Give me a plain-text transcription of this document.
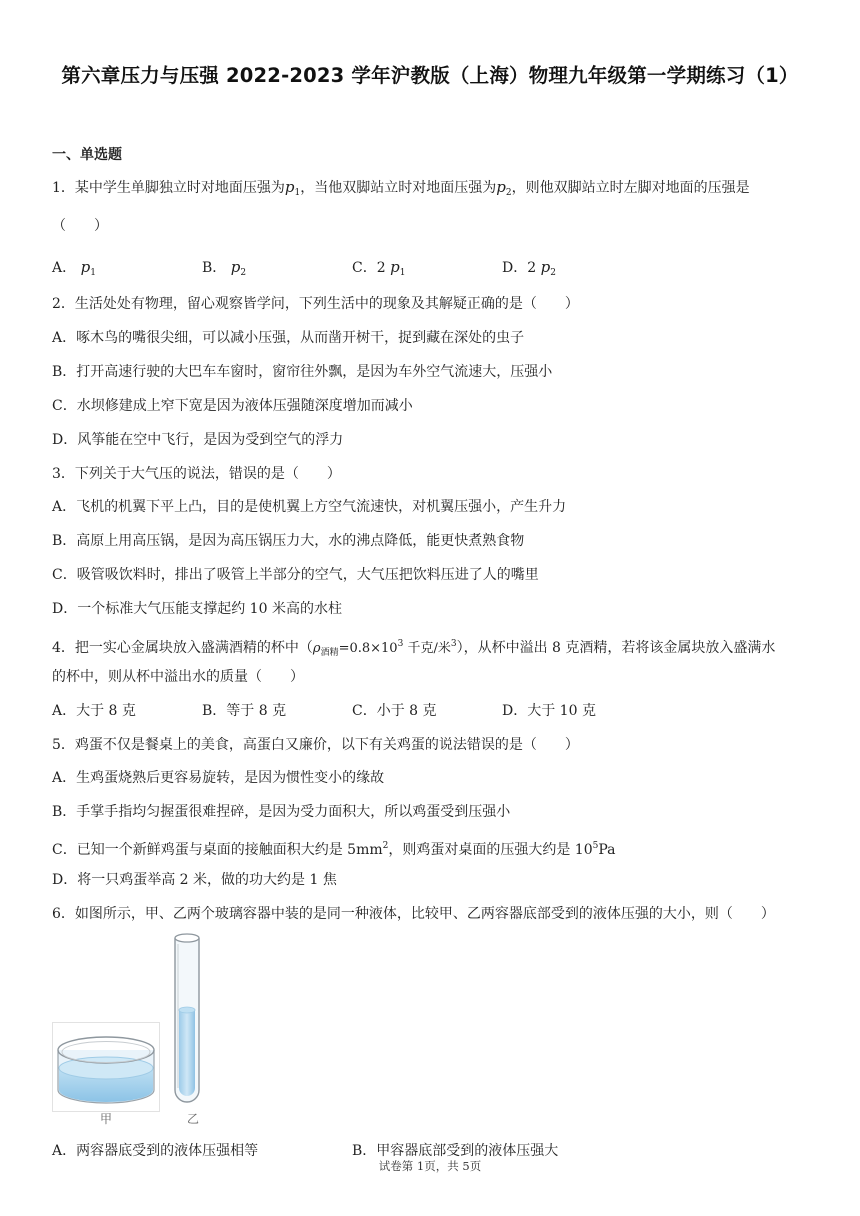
第六章压力与压强 2022-2023 学年沪教版（上海）物理九年级第一学期练习（1）
一、单选题
1．某中学生单脚独立时对地面压强为$p_1$，当他双脚站立时对地面压强为$p_2$，则他双脚站立时左脚对地面的压强是
（　　）
A． $p_1$	B． $p_2$	C．2 $p_1$	D．2 $p_2$
2．生活处处有物理，留心观察皆学问，下列生活中的现象及其解疑正确的是（　　）
A．啄木鸟的嘴很尖细，可以减小压强，从而凿开树干，捉到藏在深处的虫子
B．打开高速行驶的大巴车车窗时，窗帘往外飘，是因为车外空气流速大，压强小
C．水坝修建成上窄下宽是因为液体压强随深度增加而减小
D．风筝能在空中飞行，是因为受到空气的浮力
3．下列关于大气压的说法，错误的是（　　）
A．飞机的机翼下平上凸，目的是使机翼上方空气流速快，对机翼压强小，产生升力
B．高原上用高压锅，是因为高压锅压力大，水的沸点降低，能更快煮熟食物
C．吸管吸饮料时，排出了吸管上半部分的空气，大气压把饮料压进了人的嘴里
D．一个标准大气压能支撑起约 10 米高的水柱
4．把一实心金属块放入盛满酒精的杯中（$\rho_{酒精}=0.8\times 10^3$ 千克/米$^3$），从杯中溢出 8 克酒精，若将该金属块放入盛满水
的杯中，则从杯中溢出水的质量（　　）
A．大于 8 克	B．等于 8 克	C．小于 8 克	D．大于 10 克
5．鸡蛋不仅是餐桌上的美食，高蛋白又廉价，以下有关鸡蛋的说法错误的是（　　）
A．生鸡蛋烧熟后更容易旋转，是因为惯性变小的缘故
B．手掌手指均匀握蛋很难捏碎，是因为受力面积大，所以鸡蛋受到压强小
C．已知一个新鲜鸡蛋与桌面的接触面积大约是 $5mm^2$，则鸡蛋对桌面的压强大约是 $10^5Pa$
D．将一只鸡蛋举高 2 米，做的功大约是 1 焦
6．如图所示，甲、乙两个玻璃容器中装的是同一种液体，比较甲、乙两容器底部受到的液体压强的大小，则（　　）
甲	乙
A．两容器底受到的液体压强相等	B．甲容器底部受到的液体压强大
试卷第 1页，共 5页
